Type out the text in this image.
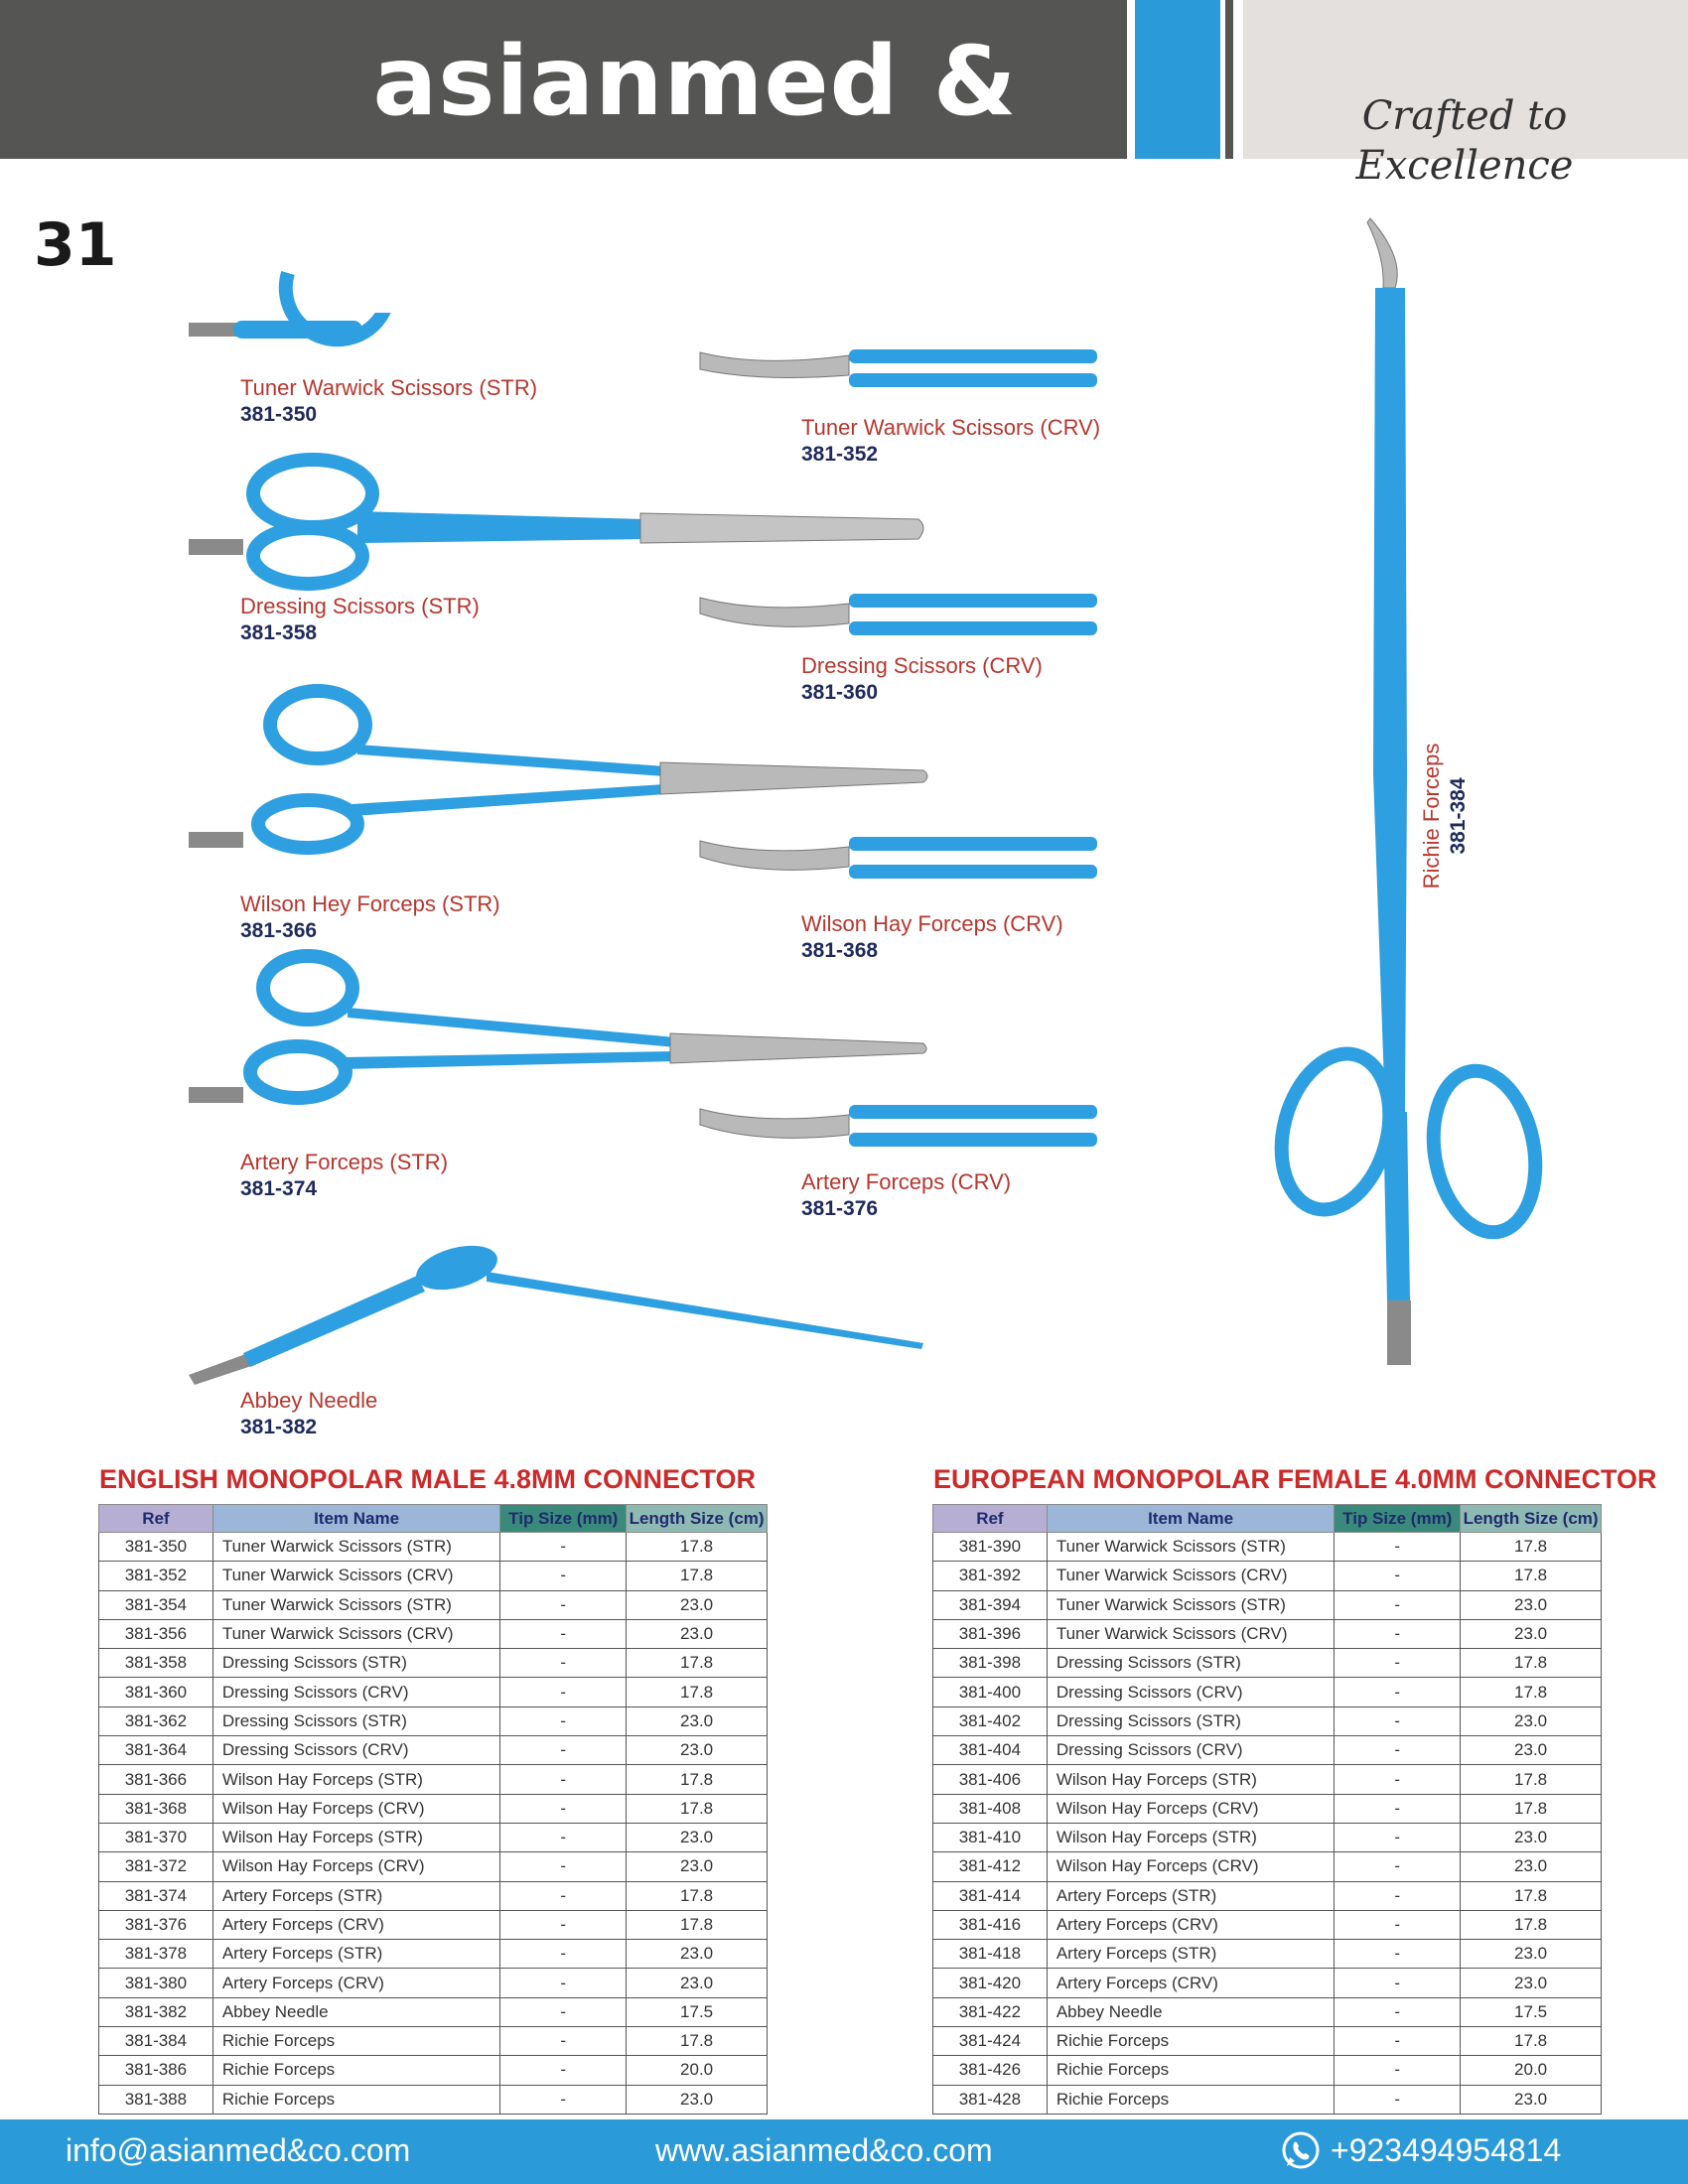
asianmed & co
Crafted to Excellence
31
Tuner Warwick Scissors (STR)
381-350
Tuner Warwick Scissors (CRV)
381-352
Dressing Scissors (STR)
381-358
Dressing Scissors (CRV)
381-360
Wilson Hey Forceps (STR)
381-366	Wilson Hay Forceps (CRV)
381-368
Artery Forceps (STR)
381-374	Artery Forceps (CRV)
381-376
Abbey Needle
381-382
Richie Forceps 381-384
ENGLISH MONOPOLAR MALE 4.8MM CONNECTOR
Ref	Item Name	Tip Size (mm)	Length Size (cm)
381-350	Tuner Warwick Scissors (STR)	-	17.8
381-352	Tuner Warwick Scissors (CRV)	-	17.8
381-354	Tuner Warwick Scissors (STR)	-	23.0
381-356	Tuner Warwick Scissors (CRV)	-	23.0
381-358	Dressing Scissors (STR)	-	17.8
381-360	Dressing Scissors (CRV)	-	17.8
381-362	Dressing Scissors (STR)	-	23.0
381-364	Dressing Scissors (CRV)	-	23.0
381-366	Wilson Hay Forceps (STR)	-	17.8
381-368	Wilson Hay Forceps (CRV)	-	17.8
381-370	Wilson Hay Forceps (STR)	-	23.0
381-372	Wilson Hay Forceps (CRV)	-	23.0
381-374	Artery Forceps (STR)	-	17.8
381-376	Artery Forceps (CRV)	-	17.8
381-378	Artery Forceps (STR)	-	23.0
381-380	Artery Forceps (CRV)	-	23.0
381-382	Abbey Needle	-	17.5
381-384	Richie Forceps	-	17.8
381-386	Richie Forceps	-	20.0
381-388	Richie Forceps	-	23.0
EUROPEAN MONOPOLAR FEMALE 4.0MM CONNECTOR
Ref	Item Name	Tip Size (mm)	Length Size (cm)
381-390	Tuner Warwick Scissors (STR)	-	17.8
381-392	Tuner Warwick Scissors (CRV)	-	17.8
381-394	Tuner Warwick Scissors (STR)	-	23.0
381-396	Tuner Warwick Scissors (CRV)	-	23.0
381-398	Dressing Scissors (STR)	-	17.8
381-400	Dressing Scissors (CRV)	-	17.8
381-402	Dressing Scissors (STR)	-	23.0
381-404	Dressing Scissors (CRV)	-	23.0
381-406	Wilson Hay Forceps (STR)	-	17.8
381-408	Wilson Hay Forceps (CRV)	-	17.8
381-410	Wilson Hay Forceps (STR)	-	23.0
381-412	Wilson Hay Forceps (CRV)	-	23.0
381-414	Artery Forceps (STR)	-	17.8
381-416	Artery Forceps (CRV)	-	17.8
381-418	Artery Forceps (STR)	-	23.0
381-420	Artery Forceps (CRV)	-	23.0
381-422	Abbey Needle	-	17.5
381-424	Richie Forceps	-	17.8
381-426	Richie Forceps	-	20.0
381-428	Richie Forceps	-	23.0
info@asianmed&co.com	www.asianmed&co.com	+923494954814
